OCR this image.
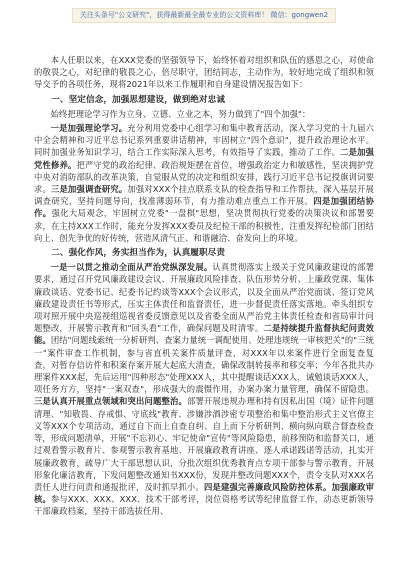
关注头条号"公文研究"，获得最新最全最专业的公文资料库！ 微信：gongwen2

本人任职以来，在XXX党委的坚强领导下，始终怀着对组织和队伍的感恩之心，对使命的敬畏之心，对纪律的敬畏之心，倍尽职守，团结同志，主动作为，较好地完成了组织和领导交予的各项任务，现将2021年以来工作履职和自身建设情况报告如下：

一、坚定信念，加强思想建设，做到绝对忠诚

始终把理论学习作为立身、立德、立业之本，努力做到了"四个加强"：

一是加强理论学习。充分利用党委中心组学习和集中教育活动，深入学习党的十九届六中全会精神和习近平总书记系列重要讲话精神，牢固树立"四个意识"，提升政治理论水平。同时加强业务知识学习，结合工作实际深入思考，有效指导了实践，推动了工作。二是加强党性修养。把严守党的政治纪律、政治规矩摆在首位，增强政治定力和敏感性，坚决拥护党中央对消防部队的改革决策，自觉服从党的决定和组织安排，践行习近平总书记授旗训词要求。三是加强调查研究。加强对XXX个挂点联系支队的检查指导和工作帮扶，深入基层开展调查研究，坚持问题导向，找准薄弱环节，有力推动难点重点工作开展。四是加强团结协作。强化大局观念，牢固树立党委"一盘棋"思想，坚决贯彻执行党委的决策决议和部署要求，在主持XXX工作时，能充分发挥XXX委员及纪检干部的积极性，注重发挥纪检部门团结向上、创先争优的好传统，营造风清气正、和谐融洽、奋发向上的环境。

二、强化作风，务实担当作为，认真履职尽责

一是一以贯之推动全面从严治党纵深发展。认真贯彻落实上级关于党风廉政建设的部署要求，通过召开党风廉政建设会议、开展廉政风险排查、队伍形势分析、上廉政党课、集体廉政谈话、党委书记、纪委书记约谈等XXX个会议形式，以及全面从严治党面谈、签订党风廉政建设责任书等形式，压实主体责任和监督责任，进一步督促责任落实落地。牵头组织专项对照开展中央巡视组巡视省委反馈意见以及省委全面从严治党主体责任检查和省局审计问题整改，开展警示教育和"回头看"工作，确保问题及时清零。二是持续提升监督执纪问责效能。团结"问题线索统一分析研判、查案力量统一调配使用、处理违规统一审核把关"的"三统一"案件审查工作机制，参与省直机关案件质量评查，对XXX年以来案件进行全面复查复查，对暂存信访件和积案存案开展大起底大清查，确保改制转接率和移交率；今年各批共办理案件XXX起，先后运用"四种形态"处理XXX人，其中提醒谈话XXX人，诫勉谈话XXX人，项任务方方，坚持"一案双查"，形成强大的震慑作用，办案办案力量管理，确保不留隐患。三是认真开展重点领域和突出问题整治。部署开展违规办理和持有因私出国（境）证件问题清理、"知敬畏、存戒惧、守底线"教育、涉嫌涉酒涉密专项整治和集中整治形式主义官僚主义等XXX个专项活动，通过自下而上自查自纠、自上而下分析研判、横向纵向联合督查检查等，形成问题清单，开展"不忘初心、牢记使命"宣传"等风险隐患，前移预防和监督关口，通过观看警示教育片、参观警示教育基地、开展廉政教育讲座、逐人承诺践诺等活动，扎实开展廉政教育，疏导广大干部思想认识，分批次组织优秀教育点专项干部参与警示教育，开展形象化廉洁教育，下发问题整改通知书XXX份，发现并整改问题XXX个，责令支队对XXX名责任人进行问责和通报批评，及时抓早抓小。四是建强完善廉政风险防控体系。加强廉政审核。参与XXX、XXX、XXX、技术干部考评，岗位资格考试等纪律监督工作，动态更新领导干部廉政档案，坚持干部选拔任用、
